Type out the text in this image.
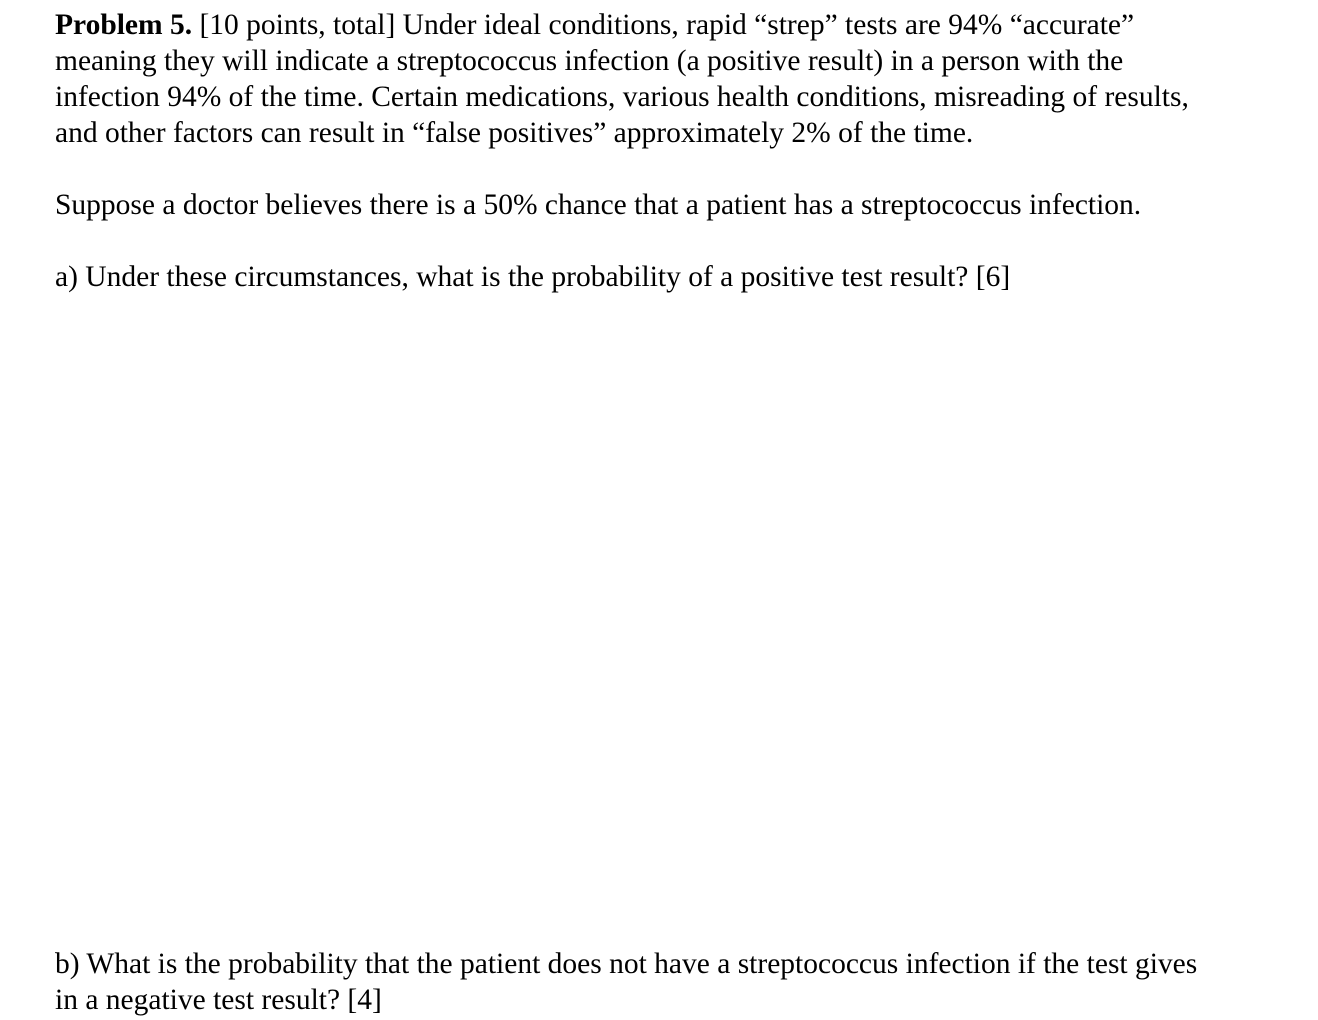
Problem 5. [10 points, total] Under ideal conditions, rapid “strep” tests are 94% “accurate”
meaning they will indicate a streptococcus infection (a positive result) in a person with the
infection 94% of the time. Certain medications, various health conditions, misreading of results,
and other factors can result in “false positives” approximately 2% of the time.

Suppose a doctor believes there is a 50% chance that a patient has a streptococcus infection.

a) Under these circumstances, what is the probability of a positive test result? [6]

b) What is the probability that the patient does not have a streptococcus infection if the test gives
in a negative test result? [4]
